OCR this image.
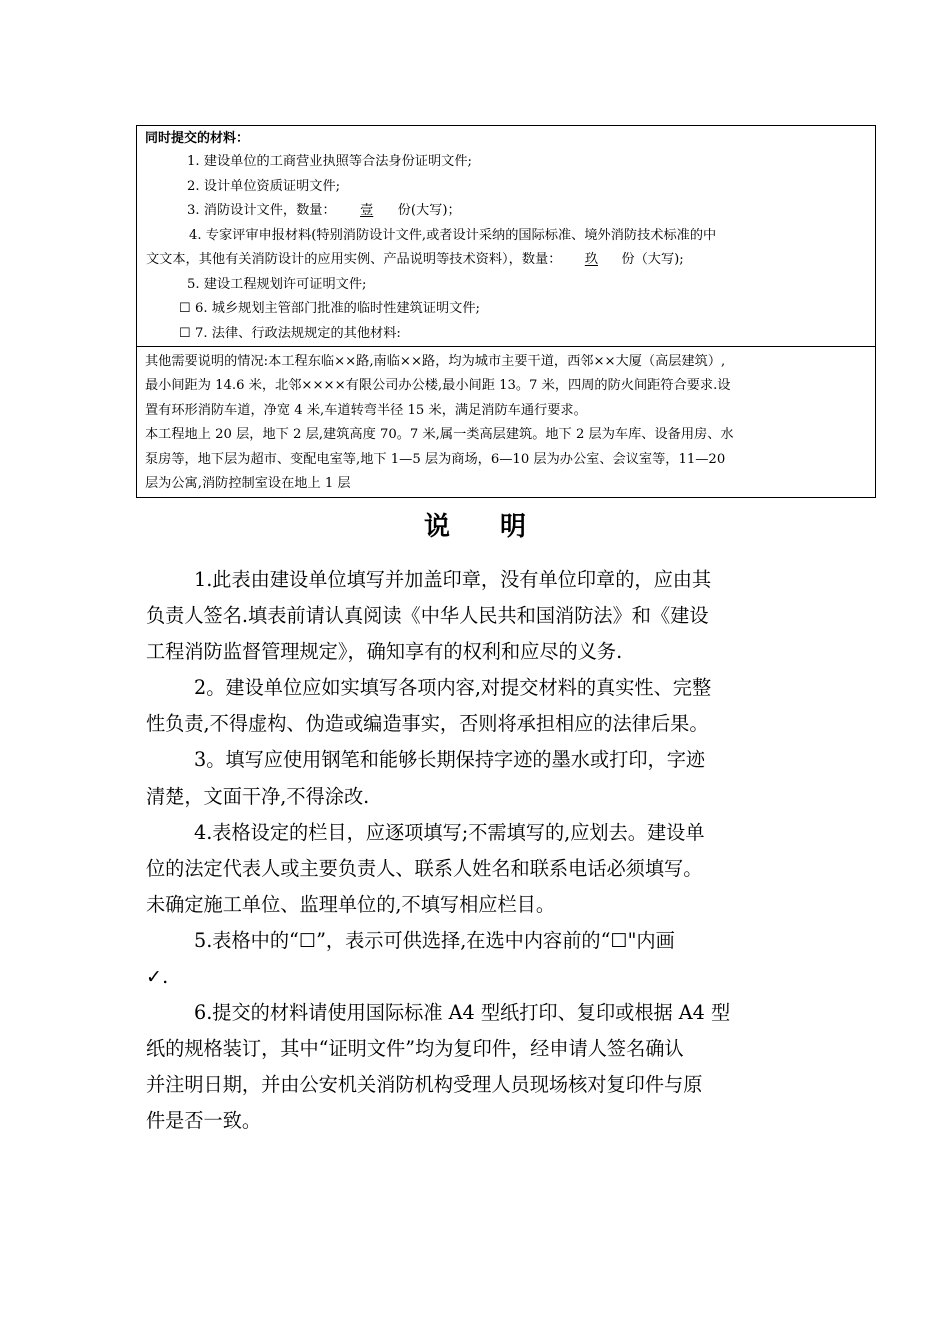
同时提交的材料：
1. 建设单位的工商营业执照等合法身份证明文件;
2. 设计单位资质证明文件;
3. 消防设计文件，数量： 壹 份(大写)；
4. 专家评审申报材料(特别消防设计文件,或者设计采纳的国际标准、境外消防技术标准的中
文文本，其他有关消防设计的应用实例、产品说明等技术资料），数量： 玖 份（大写);
5. 建设工程规划许可证明文件;
☐ 6. 城乡规划主管部门批准的临时性建筑证明文件;
☐ 7. 法律、行政法规规定的其他材料:
其他需要说明的情况:本工程东临××路,南临××路，均为城市主要干道，西邻××大厦（高层建筑）,
最小间距为 14.6 米，北邻××××有限公司办公楼,最小间距 13。7 米，四周的防火间距符合要求.设
置有环形消防车道，净宽 4 米,车道转弯半径 15 米，满足消防车通行要求。
本工程地上 20 层，地下 2 层,建筑高度 70。7 米,属一类高层建筑。地下 2 层为车库、设备用房、水
泵房等，地下层为超市、变配电室等,地下 1—5 层为商场，6—10 层为办公室、会议室等，11—20
层为公寓,消防控制室设在地上 1 层
说明
1.此表由建设单位填写并加盖印章，没有单位印章的，应由其
负责人签名.填表前请认真阅读《中华人民共和国消防法》和《建设
工程消防监督管理规定》，确知享有的权利和应尽的义务.
2。建设单位应如实填写各项内容,对提交材料的真实性、完整
性负责,不得虚构、伪造或编造事实，否则将承担相应的法律后果。
3。填写应使用钢笔和能够长期保持字迹的墨水或打印，字迹
清楚，文面干净,不得涂改.
4.表格设定的栏目，应逐项填写;不需填写的,应划去。建设单
位的法定代表人或主要负责人、联系人姓名和联系电话必须填写。
未确定施工单位、监理单位的,不填写相应栏目。
5.表格中的“☐”，表示可供选择,在选中内容前的“☐"内画
✓.
6.提交的材料请使用国际标准 A4 型纸打印、复印或根据 A4 型
纸的规格装订，其中“证明文件”均为复印件，经申请人签名确认
并注明日期，并由公安机关消防机构受理人员现场核对复印件与原
件是否一致。
